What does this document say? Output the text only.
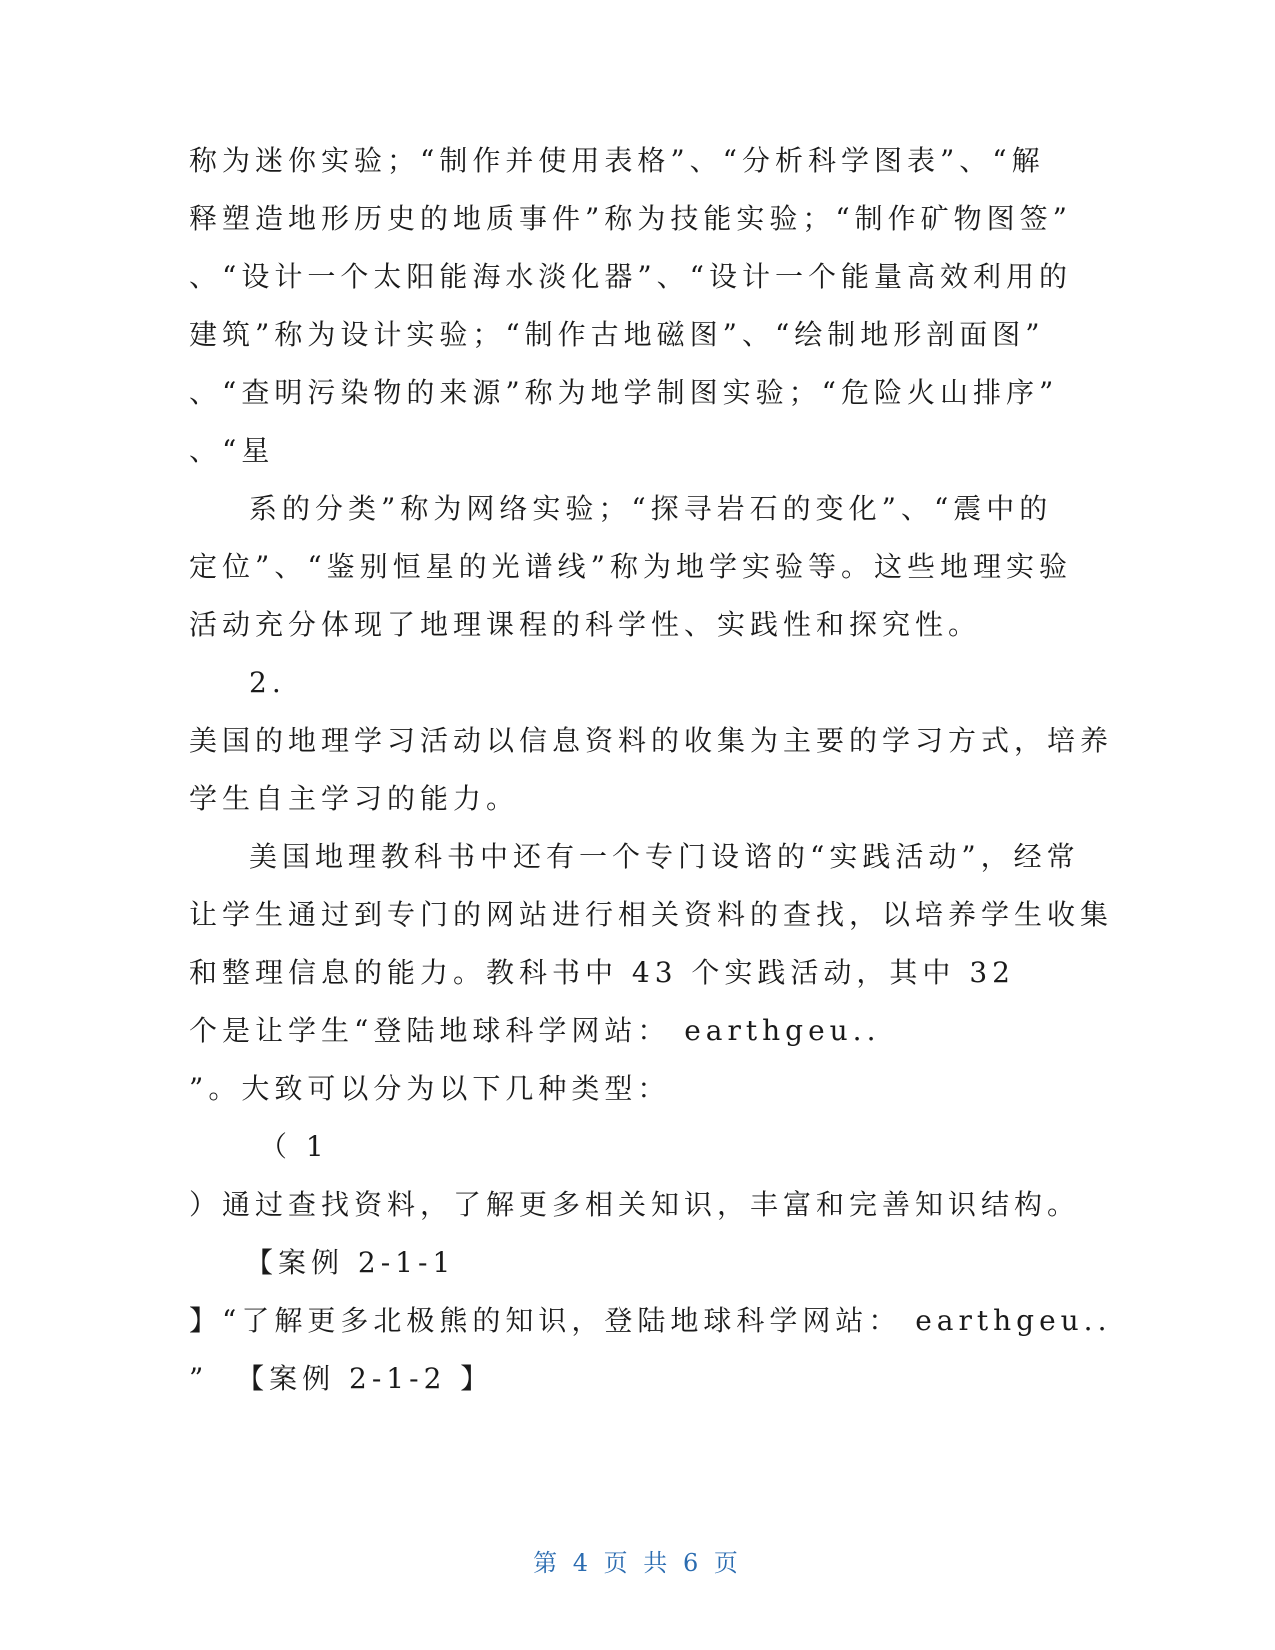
称为迷你实验；“制作并使用表格”、“分析科学图表”、“解
释塑造地形历史的地质事件”称为技能实验；“制作矿物图签”
、“设计一个太阳能海水淡化器”、“设计一个能量高效利用的
建筑”称为设计实验；“制作古地磁图”、“绘制地形剖面图”
、“查明污染物的来源”称为地学制图实验；“危险火山排序”
、“星
系的分类”称为网络实验；“探寻岩石的变化”、“震中的
定位”、“鉴别恒星的光谱线”称为地学实验等。这些地理实验
活动充分体现了地理课程的科学性、实践性和探究性。
2.
美国的地理学习活动以信息资料的收集为主要的学习方式，培养
学生自主学习的能力。
美国地理教科书中还有一个专门设谘的“实践活动”，经常
让学生通过到专门的网站进行相关资料的查找，以培养学生收集
和整理信息的能力。教科书中 43 个实践活动，其中 32
个是让学生“登陆地球科学网站： earthgeu..
”。大致可以分为以下几种类型：
（ 1
）通过查找资料，了解更多相关知识，丰富和完善知识结构。
【案例 2-1-1
】“了解更多北极熊的知识，登陆地球科学网站： earthgeu..
”  【案例 2-1-2 】
第 4 页 共 6 页
